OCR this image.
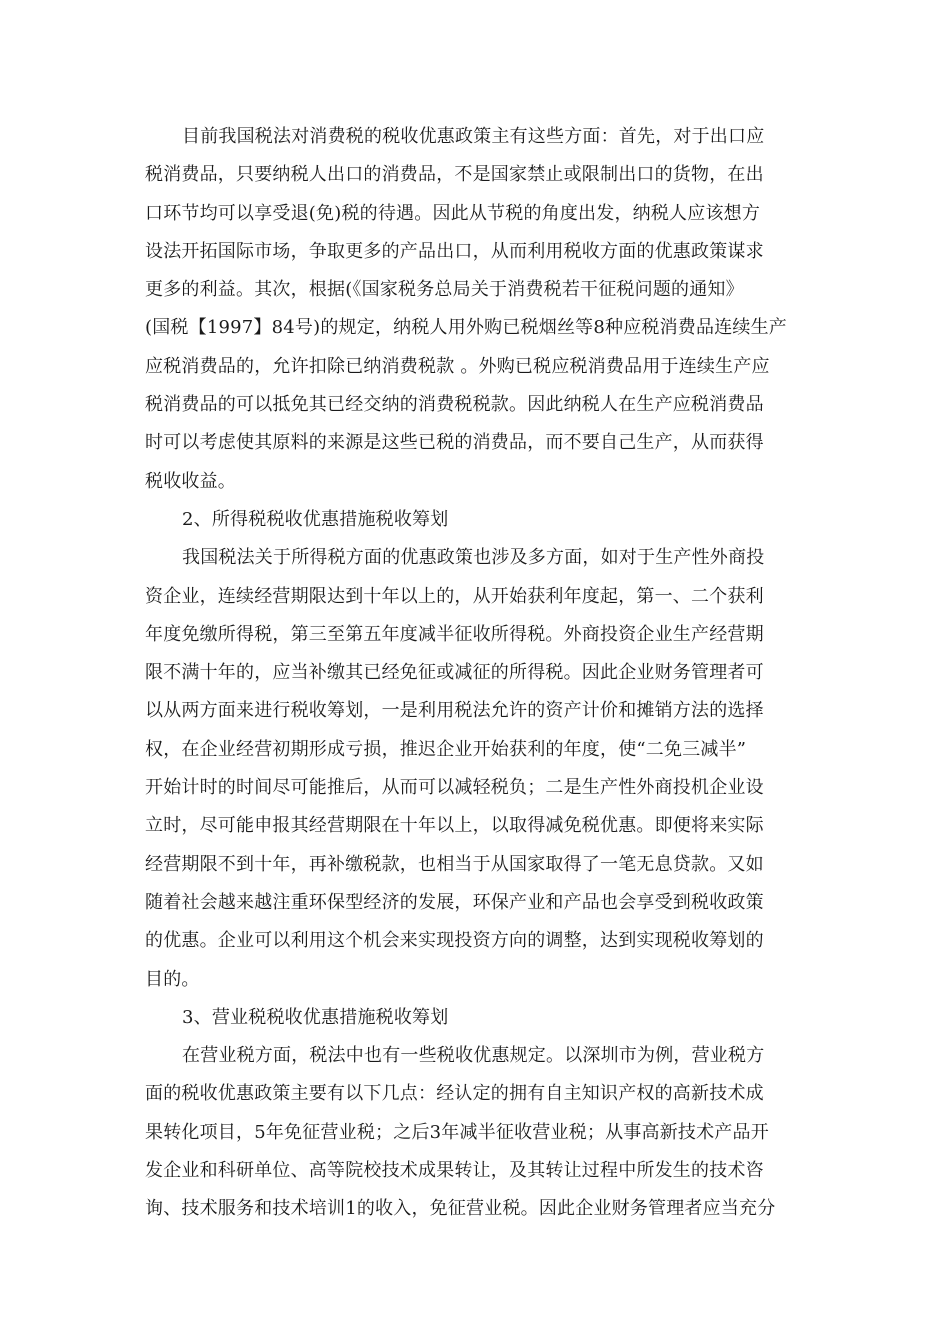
目前我国税法对消费税的税收优惠政策主有这些方面：首先，对于出口应
税消费品，只要纳税人出口的消费品，不是国家禁止或限制出口的货物，在出
口环节均可以享受退(免)税的待遇。因此从节税的角度出发，纳税人应该想方
设法开拓国际市场，争取更多的产品出口，从而利用税收方面的优惠政策谋求
更多的利益。其次，根据(《国家税务总局关于消费税若干征税问题的通知》
(国税【1997】84号)的规定，纳税人用外购已税烟丝等8种应税消费品连续生产
应税消费品的，允许扣除已纳消费税款 。外购已税应税消费品用于连续生产应
税消费品的可以抵免其已经交纳的消费税税款。因此纳税人在生产应税消费品
时可以考虑使其原料的来源是这些已税的消费品，而不要自己生产，从而获得
税收收益。
2、所得税税收优惠措施税收筹划
我国税法关于所得税方面的优惠政策也涉及多方面，如对于生产性外商投
资企业，连续经营期限达到十年以上的，从开始获利年度起，第一、二个获利
年度免缴所得税，第三至第五年度减半征收所得税。外商投资企业生产经营期
限不满十年的，应当补缴其已经免征或减征的所得税。因此企业财务管理者可
以从两方面来进行税收筹划，一是利用税法允许的资产计价和摊销方法的选择
权，在企业经营初期形成亏损，推迟企业开始获利的年度，使“二免三减半”
开始计时的时间尽可能推后，从而可以减轻税负；二是生产性外商投机企业设
立时，尽可能申报其经营期限在十年以上，以取得减免税优惠。即便将来实际
经营期限不到十年，再补缴税款，也相当于从国家取得了一笔无息贷款。又如
随着社会越来越注重环保型经济的发展，环保产业和产品也会享受到税收政策
的优惠。企业可以利用这个机会来实现投资方向的调整，达到实现税收筹划的
目的。
3、营业税税收优惠措施税收筹划
在营业税方面，税法中也有一些税收优惠规定。以深圳市为例，营业税方
面的税收优惠政策主要有以下几点：经认定的拥有自主知识产权的高新技术成
果转化项目，5年免征营业税；之后3年减半征收营业税；从事高新技术产品开
发企业和科研单位、高等院校技术成果转让，及其转让过程中所发生的技术咨
询、技术服务和技术培训1的收入，免征营业税。因此企业财务管理者应当充分
